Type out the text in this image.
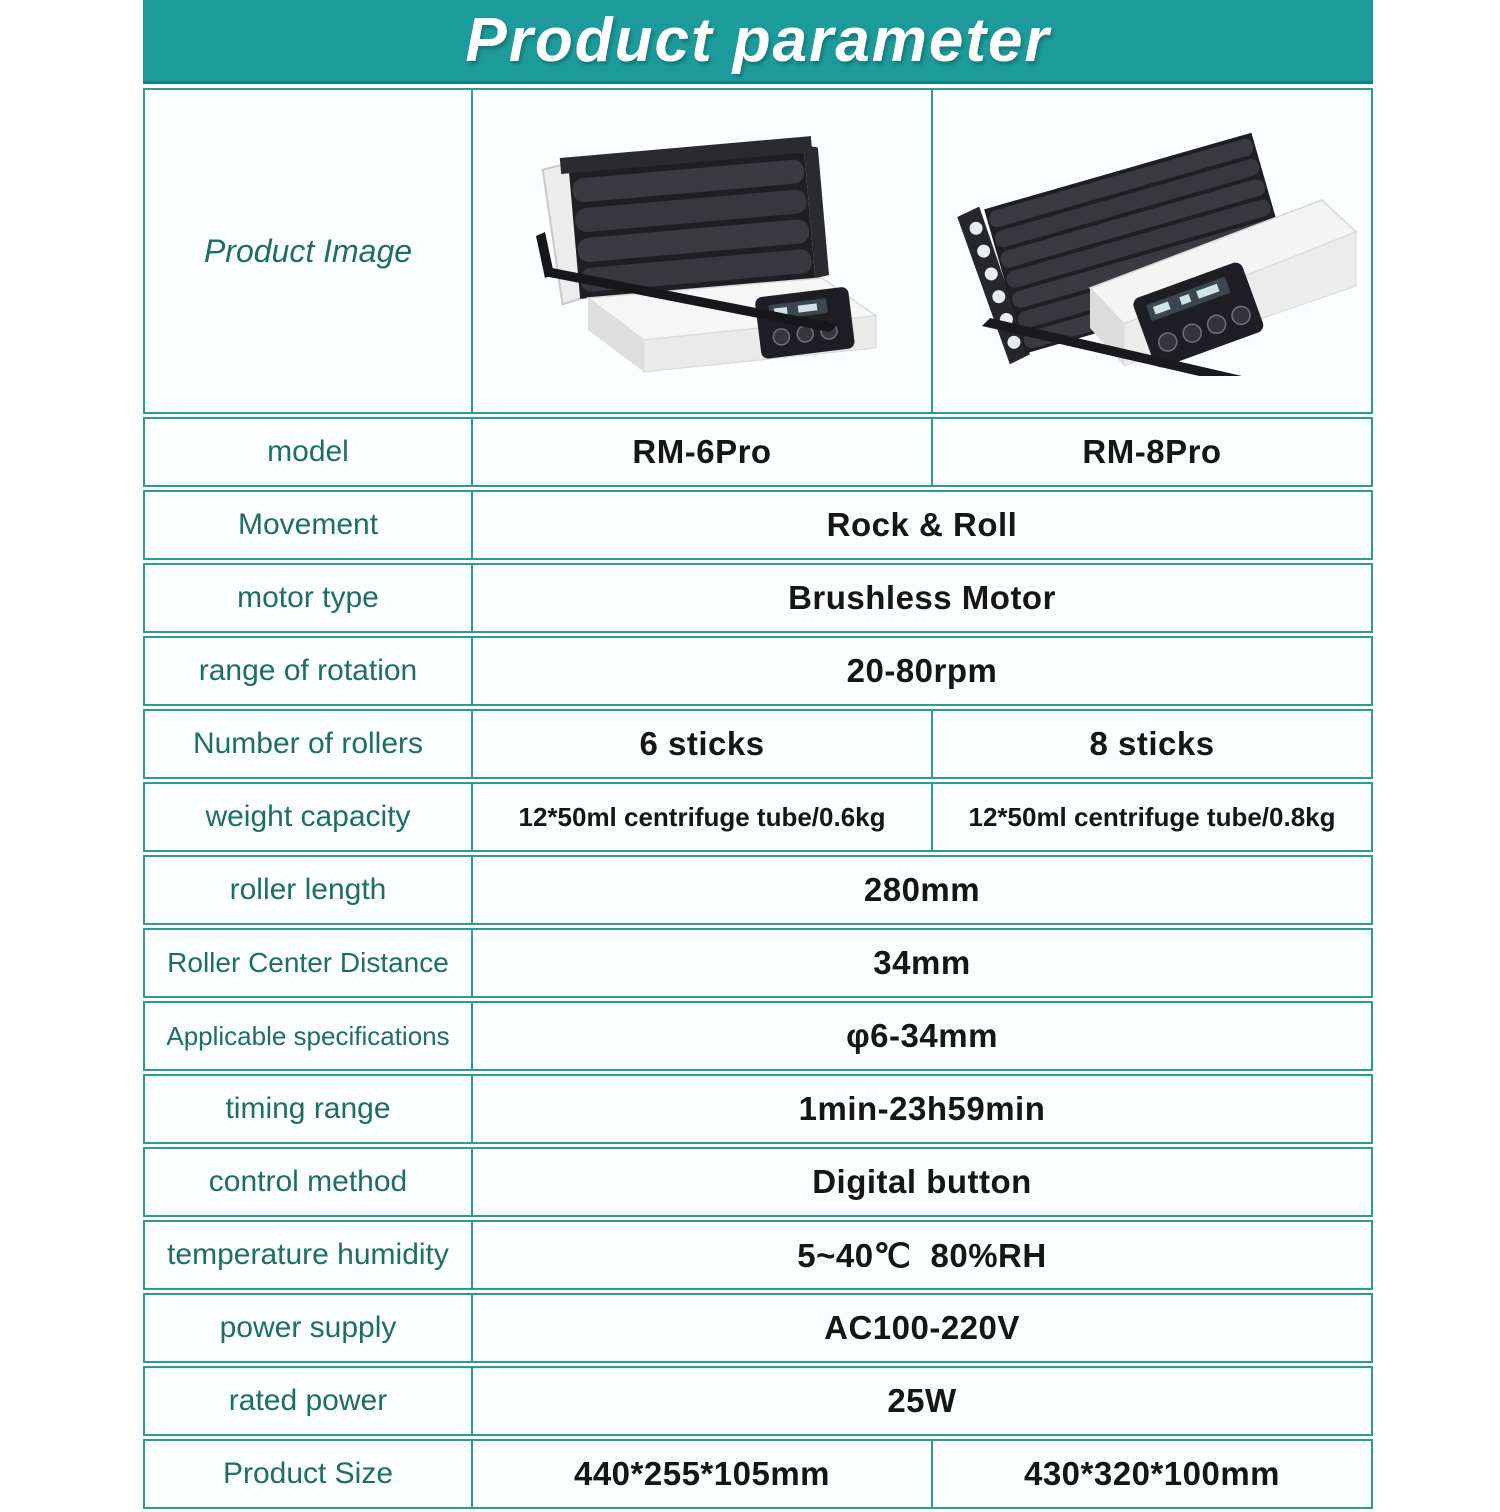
Product parameter
Product Image	

model	RM-6Pro	RM-8Pro
Movement	Rock & Roll	
motor type	Brushless Motor	
range of rotation	20-80rpm	
Number of rollers	6 sticks	8 sticks
weight capacity	12*50ml centrifuge tube/0.6kg	12*50ml centrifuge tube/0.8kg
roller length	280mm	
Roller Center Distance	34mm	
Applicable specifications	φ6-34mm	
timing range	1min-23h59min	
control method	Digital button	
temperature humidity	5~40℃  80%RH	
power supply	AC100-220V	
rated power	25W	
Product Size	440*255*105mm	430*320*100mm
